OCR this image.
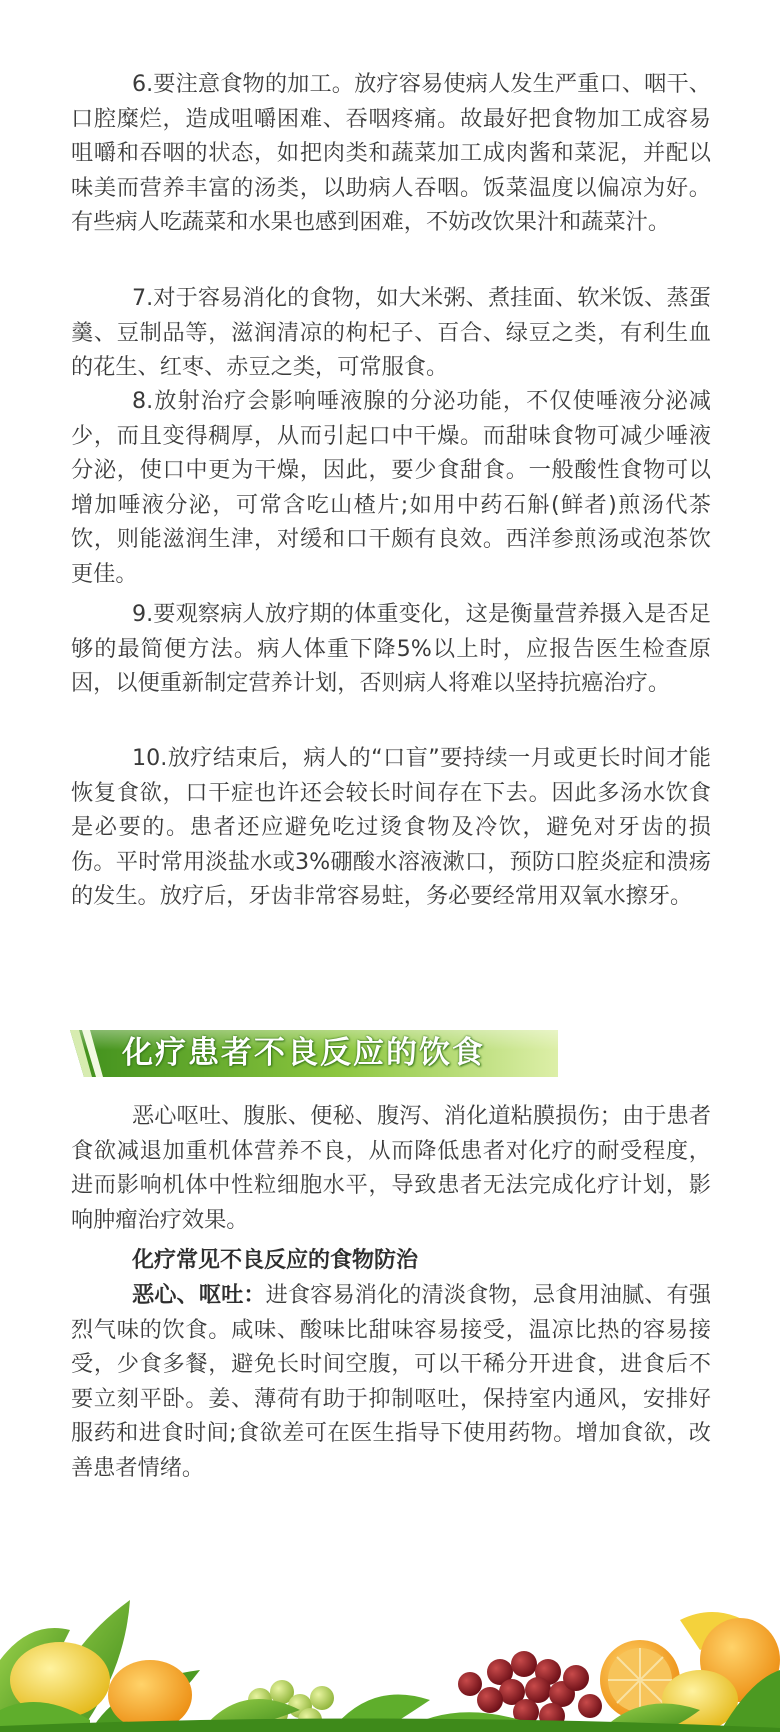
6.要注意食物的加工。放疗容易使病人发生严重口、咽干、口腔糜烂，造成咀嚼困难、吞咽疼痛。故最好把食物加工成容易咀嚼和吞咽的状态，如把肉类和蔬菜加工成肉酱和菜泥，并配以味美而营养丰富的汤类，以助病人吞咽。饭菜温度以偏凉为好。有些病人吃蔬菜和水果也感到困难，不妨改饮果汁和蔬菜汁。

7.对于容易消化的食物，如大米粥、煮挂面、软米饭、蒸蛋羹、豆制品等，滋润清凉的枸杞子、百合、绿豆之类，有利生血的花生、红枣、赤豆之类，可常服食。

8.放射治疗会影响唾液腺的分泌功能，不仅使唾液分泌减少，而且变得稠厚，从而引起口中干燥。而甜味食物可减少唾液分泌，使口中更为干燥，因此，要少食甜食。一般酸性食物可以增加唾液分泌，可常含吃山楂片;如用中药石斛(鲜者)煎汤代茶饮，则能滋润生津，对缓和口干颇有良效。西洋参煎汤或泡茶饮更佳。

9.要观察病人放疗期的体重变化，这是衡量营养摄入是否足够的最简便方法。病人体重下降5%以上时，应报告医生检查原因，以便重新制定营养计划，否则病人将难以坚持抗癌治疗。

10.放疗结束后，病人的“口盲”要持续一月或更长时间才能恢复食欲，口干症也许还会较长时间存在下去。因此多汤水饮食是必要的。患者还应避免吃过烫食物及冷饮，避免对牙齿的损伤。平时常用淡盐水或3%硼酸水溶液漱口，预防口腔炎症和溃疡的发生。放疗后，牙齿非常容易蛀，务必要经常用双氧水擦牙。

化疗患者不良反应的饮食

恶心呕吐、腹胀、便秘、腹泻、消化道粘膜损伤；由于患者食欲减退加重机体营养不良，从而降低患者对化疗的耐受程度，进而影响机体中性粒细胞水平，导致患者无法完成化疗计划，影响肿瘤治疗效果。

化疗常见不良反应的食物防治

恶心、呕吐：进食容易消化的清淡食物，忌食用油腻、有强烈气味的饮食。咸味、酸味比甜味容易接受，温凉比热的容易接受，少食多餐，避免长时间空腹，可以干稀分开进食，进食后不要立刻平卧。姜、薄荷有助于抑制呕吐，保持室内通风，安排好服药和进食时间;食欲差可在医生指导下使用药物。增加食欲，改善患者情绪。
